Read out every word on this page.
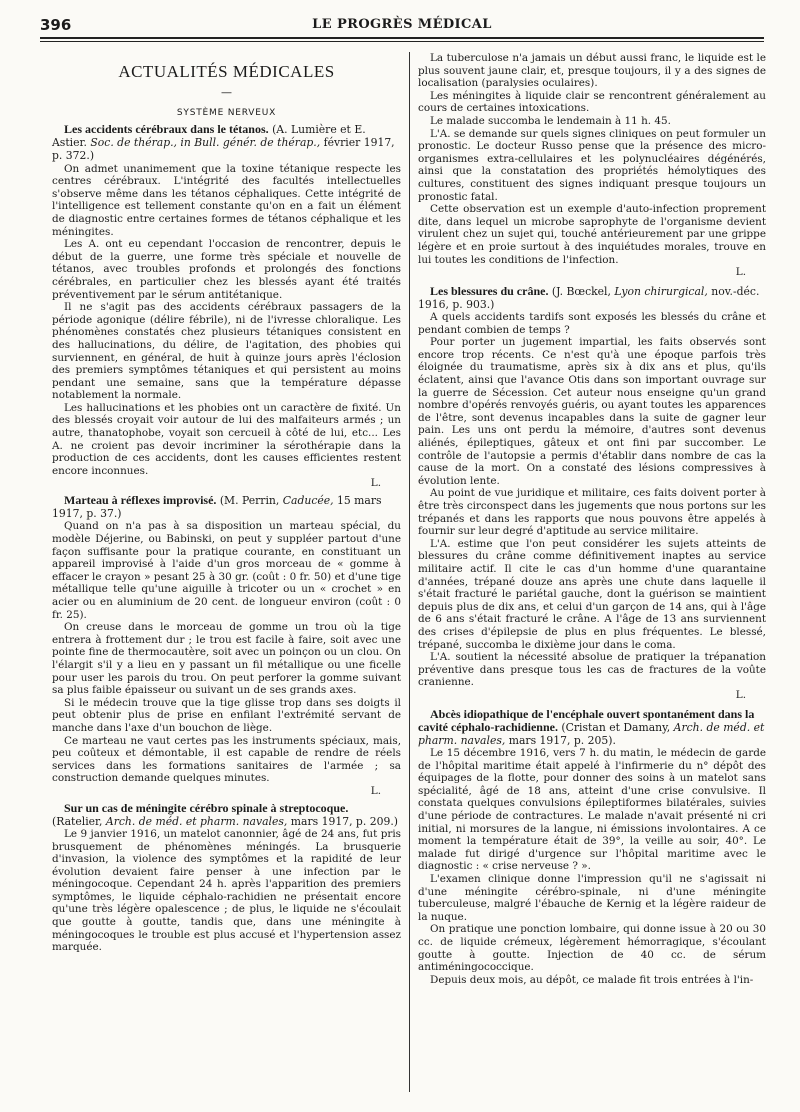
396	LE PROGRÈS MÉDICAL
ACTUALITÉS MÉDICALES
—
SYSTÈME NERVEUX

Les accidents cérébraux dans le tétanos. (A. Lumière et E. Astier. Soc. de thérap., in Bull. génér. de thérap., février 1917, p. 372.)

On admet unanimement que la toxine tétanique respecte les centres cérébraux. L'intégrité des facultés intellectuelles s'observe même dans les tétanos céphaliques. Cette intégrité de l'intelligence est tellement constante qu'on en a fait un élément de diagnostic entre certaines formes de tétanos céphalique et les méningites.

Les A. ont eu cependant l'occasion de rencontrer, depuis le début de la guerre, une forme très spéciale et nouvelle de tétanos, avec troubles profonds et prolongés des fonctions cérébrales, en particulier chez les blessés ayant été traités préventivement par le sérum antitétanique.

Il ne s'agit pas des accidents cérébraux passagers de la période agonique (délire fébrile), ni de l'ivresse chloralique. Les phénomènes constatés chez plusieurs tétaniques consistent en des hallucinations, du délire, de l'agitation, des phobies qui surviennent, en général, de huit à quinze jours après l'éclosion des premiers symptômes tétaniques et qui persistent au moins pendant une semaine, sans que la température dépasse notablement la normale.

Les hallucinations et les phobies ont un caractère de fixité. Un des blessés croyait voir autour de lui des malfaiteurs armés ; un autre, thanatophobe, voyait son cercueil à côté de lui, etc... Les A. ne croient pas devoir incriminer la sérothérapie dans la production de ces accidents, dont les causes efficientes restent encore inconnues.

L.

Marteau à réflexes improvisé. (M. Perrin, Caducée, 15 mars 1917, p. 37.)

Quand on n'a pas à sa disposition un marteau spécial, du modèle Déjerine, ou Babinski, on peut y suppléer partout d'une façon suffisante pour la pratique courante, en constituant un appareil improvisé à l'aide d'un gros morceau de « gomme à effacer le crayon » pesant 25 à 30 gr. (coût : 0 fr. 50) et d'une tige métallique telle qu'une aiguille à tricoter ou un « crochet » en acier ou en aluminium de 20 cent. de longueur environ (coût : 0 fr. 25).

On creuse dans le morceau de gomme un trou où la tige entrera à frottement dur ; le trou est facile à faire, soit avec une pointe fine de thermocautère, soit avec un poinçon ou un clou. On l'élargit s'il y a lieu en y passant un fil métallique ou une ficelle pour user les parois du trou. On peut perforer la gomme suivant sa plus faible épaisseur ou suivant un de ses grands axes.

Si le médecin trouve que la tige glisse trop dans ses doigts il peut obtenir plus de prise en enfilant l'extrémité servant de manche dans l'axe d'un bouchon de liège.

Ce marteau ne vaut certes pas les instruments spéciaux, mais, peu coûteux et démontable, il est capable de rendre de réels services dans les formations sanitaires de l'armée ; sa construction demande quelques minutes.

L.

Sur un cas de méningite cérébro spinale à streptocoque. (Ratelier, Arch. de méd. et pharm. navales, mars 1917, p. 209.)

Le 9 janvier 1916, un matelot canonnier, âgé de 24 ans, fut pris brusquement de phénomènes méningés. La brusquerie d'invasion, la violence des symptômes et la rapidité de leur évolution devaient faire penser à une infection par le méningocoque. Cependant 24 h. après l'apparition des premiers symptômes, le liquide céphalo-rachidien ne présentait encore qu'une très légère opalescence ; de plus, le liquide ne s'écoulait que goutte à goutte, tandis que, dans une méningite à méningocoques le trouble est plus accusé et l'hypertension assez marquée.

La tuberculose n'a jamais un début aussi franc, le liquide est le plus souvent jaune clair, et, presque toujours, il y a des signes de localisation (paralysies oculaires).

Les méningites à liquide clair se rencontrent généralement au cours de certaines intoxications.

Le malade succomba le lendemain à 11 h. 45.

L'A. se demande sur quels signes cliniques on peut formuler un pronostic. Le docteur Russo pense que la présence des micro-organismes extra-cellulaires et les polynucléaires dégénérés, ainsi que la constatation des propriétés hémolytiques des cultures, constituent des signes indiquant presque toujours un pronostic fatal.

Cette observation est un exemple d'auto-infection proprement dite, dans lequel un microbe saprophyte de l'organisme devient virulent chez un sujet qui, touché antérieurement par une grippe légère et en proie surtout à des inquiétudes morales, trouve en lui toutes les conditions de l'infection.

L.

Les blessures du crâne. (J. Bœckel, Lyon chirurgical, nov.-déc. 1916, p. 903.)

A quels accidents tardifs sont exposés les blessés du crâne et pendant combien de temps ?

Pour porter un jugement impartial, les faits observés sont encore trop récents. Ce n'est qu'à une époque parfois très éloignée du traumatisme, après six à dix ans et plus, qu'ils éclatent, ainsi que l'avance Otis dans son important ouvrage sur la guerre de Sécession. Cet auteur nous enseigne qu'un grand nombre d'opérés renvoyés guéris, ou ayant toutes les apparences de l'être, sont devenus incapables dans la suite de gagner leur pain. Les uns ont perdu la mémoire, d'autres sont devenus aliénés, épileptiques, gâteux et ont fini par succomber. Le contrôle de l'autopsie a permis d'établir dans nombre de cas la cause de la mort. On a constaté des lésions compressives à évolution lente.

Au point de vue juridique et militaire, ces faits doivent porter à être très circonspect dans les jugements que nous portons sur les trépanés et dans les rapports que nous pouvons être appelés à fournir sur leur degré d'aptitude au service militaire.

L'A. estime que l'on peut considérer les sujets atteints de blessures du crâne comme définitivement inaptes au service militaire actif. Il cite le cas d'un homme d'une quarantaine d'années, trépané douze ans après une chute dans laquelle il s'était fracturé le pariétal gauche, dont la guérison se maintient depuis plus de dix ans, et celui d'un garçon de 14 ans, qui à l'âge de 6 ans s'était fracturé le crâne. A l'âge de 13 ans surviennent des crises d'épilepsie de plus en plus fréquentes. Le blessé, trépané, succomba le dixième jour dans le coma.

L'A. soutient la nécessité absolue de pratiquer la trépanation préventive dans presque tous les cas de fractures de la voûte cranienne.

L.

Abcès idiopathique de l'encéphale ouvert spontanément dans la cavité céphalo-rachidienne. (Cristan et Damany, Arch. de méd. et pharm. navales, mars 1917, p. 205).

Le 15 décembre 1916, vers 7 h. du matin, le médecin de garde de l'hôpital maritime était appelé à l'infirmerie du n° dépôt des équipages de la flotte, pour donner des soins à un matelot sans spécialité, âgé de 18 ans, atteint d'une crise convulsive. Il constata quelques convulsions épileptiformes bilatérales, suivies d'une période de contractures. Le malade n'avait présenté ni cri initial, ni morsures de la langue, ni émissions involontaires. A ce moment la température était de 39°, la veille au soir, 40°. Le malade fut dirigé d'urgence sur l'hôpital maritime avec le diagnostic : « crise nerveuse ? ».

L'examen clinique donne l'impression qu'il ne s'agissait ni d'une méningite cérébro-spinale, ni d'une méningite tuberculeuse, malgré l'ébauche de Kernig et la légère raideur de la nuque.

On pratique une ponction lombaire, qui donne issue à 20 ou 30 cc. de liquide crémeux, légèrement hémorragique, s'écoulant goutte à goutte. Injection de 40 cc. de sérum antiméningococcique.

Depuis deux mois, au dépôt, ce malade fit trois entrées à l'in-
